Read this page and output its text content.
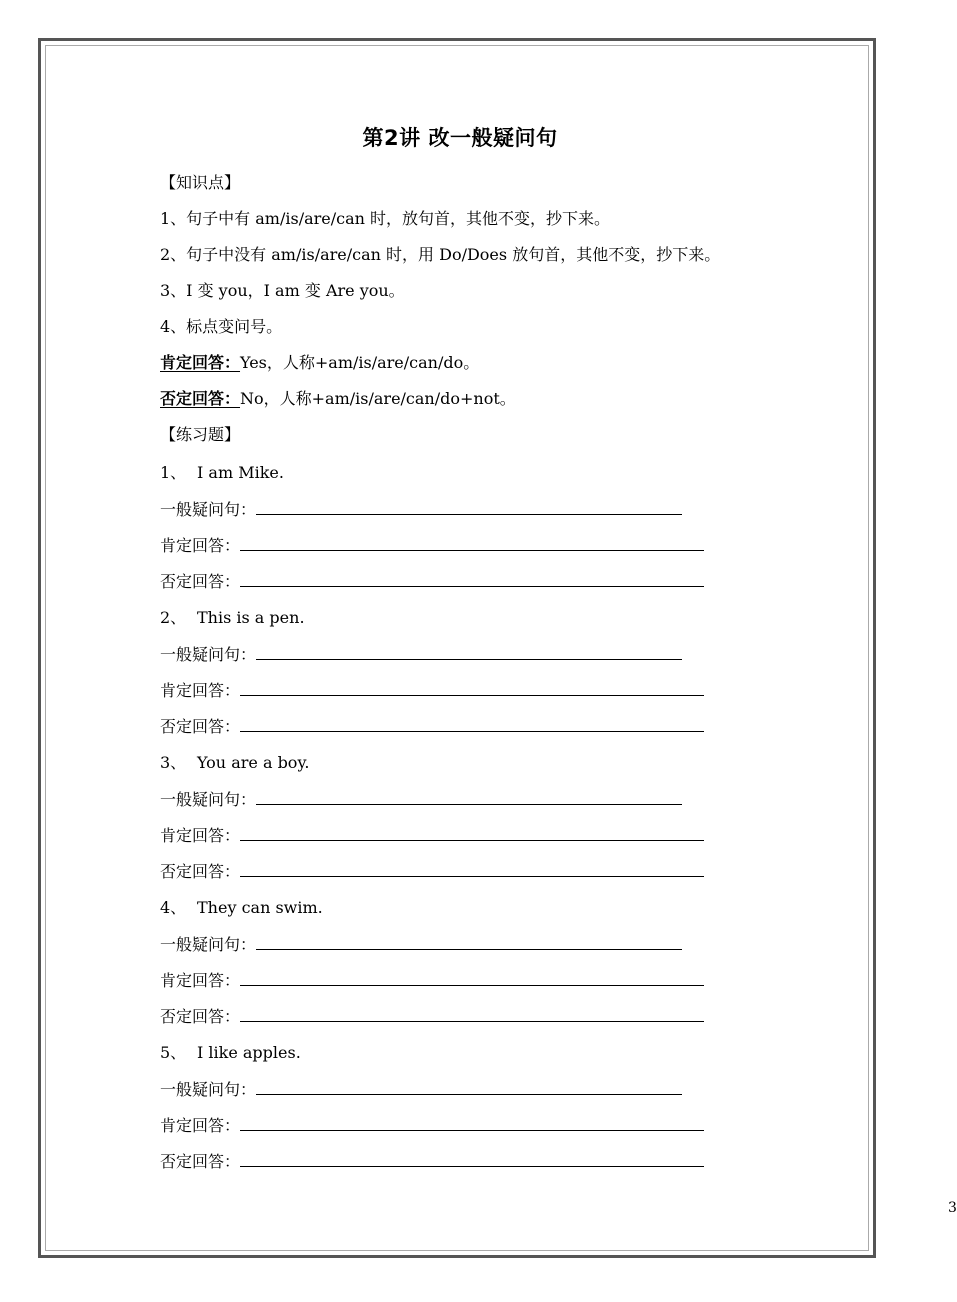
第2讲 改一般疑问句
【知识点】
1、句子中有 am/is/are/can 时，放句首，其他不变，抄下来。
2、句子中没有 am/is/are/can 时，用 Do/Does 放句首，其他不变，抄下来。
3、I 变 you，I am 变 Are you。
4、标点变问号。
肯定回答：Yes，人称+am/is/are/can/do。
否定回答：No，人称+am/is/are/can/do+not。
【练习题】
1、 I am Mike.
一般疑问句：
肯定回答：
否定回答：
2、 This is a pen.
一般疑问句：
肯定回答：
否定回答：
3、 You are a boy.
一般疑问句：
肯定回答：
否定回答：
4、 They can swim.
一般疑问句：
肯定回答：
否定回答：
5、 I like apples.
一般疑问句：
肯定回答：
否定回答：
3
